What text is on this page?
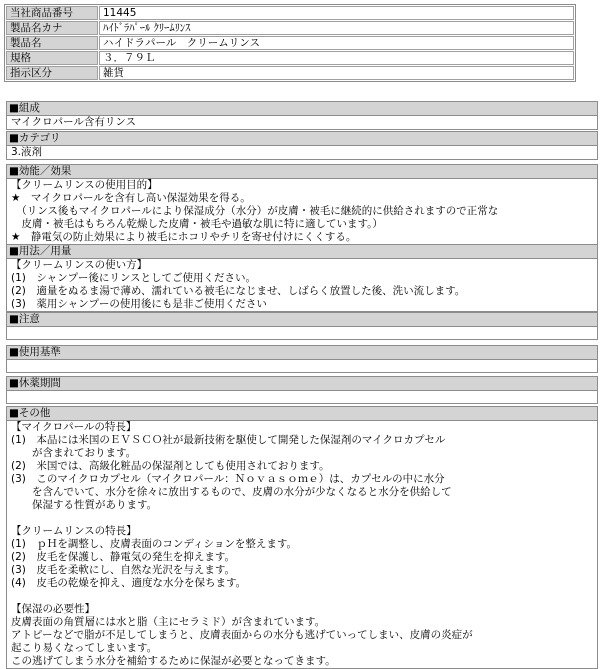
当社商品番号	11445
製品名カナ	ﾊｲﾄﾞﾗﾊﾟｰﾙ ｸﾘｰﾑﾘﾝｽ
製品名	ハイドラパール　クリームリンス
規格	３．７９Ｌ
指示区分	雑貨
■組成
マイクロパール含有リンス
■カテゴリ
3.液剤
■効能／効果
【クリームリンスの使用目的】
★　マイクロパールを含有し高い保湿効果を得る。
　（リンス後もマイクロパールにより保湿成分（水分）が皮膚・被毛に継続的に供給されますので正常な
　皮膚・被毛はもちろん乾燥した皮膚・被毛や過敏な肌に特に適しています。）
★　静電気の防止効果により被毛にホコリやチリを寄せ付けにくくする。
■用法／用量
【クリームリンスの使い方】
(1)　シャンプー後にリンスとしてご使用ください。
(2)　適量をぬるま湯で薄め、濡れている被毛になじませ、しばらく放置した後、洗い流します。
(3)　薬用シャンプーの使用後にも是非ご使用ください
■注意
■使用基準
■休薬期間
■その他
【マイクロパールの特長】
(1)　本品には米国のＥＶＳＣＯ社が最新技術を駆使して開発した保湿剤のマイクロカプセル
　　が含まれております。
(2)　米国では、高級化粧品の保湿剤としても使用されております。
(3)　このマイクロカプセル（マイクロパール：Ｎｏｖａｓｏｍｅ）は、カプセルの中に水分
　　を含んでいて、水分を徐々に放出するもので、皮膚の水分が少なくなると水分を供給して
　　保湿する性質があります。
【クリームリンスの特長】
(1)　ｐＨを調整し、皮膚表面のコンディションを整えます。
(2)　皮毛を保護し、静電気の発生を抑えます。
(3)　皮毛を柔軟にし、自然な光沢を与えます。
(4)　皮毛の乾燥を抑え、適度な水分を保ちます。
【保湿の必要性】
皮膚表面の角質層には水と脂（主にセラミド）が含まれています。
アトピーなどで脂が不足してしまうと、皮膚表面からの水分も逃げていってしまい、皮膚の炎症が
起こり易くなってしまいます。
この逃げてしまう水分を補給するために保湿が必要となってきます。
